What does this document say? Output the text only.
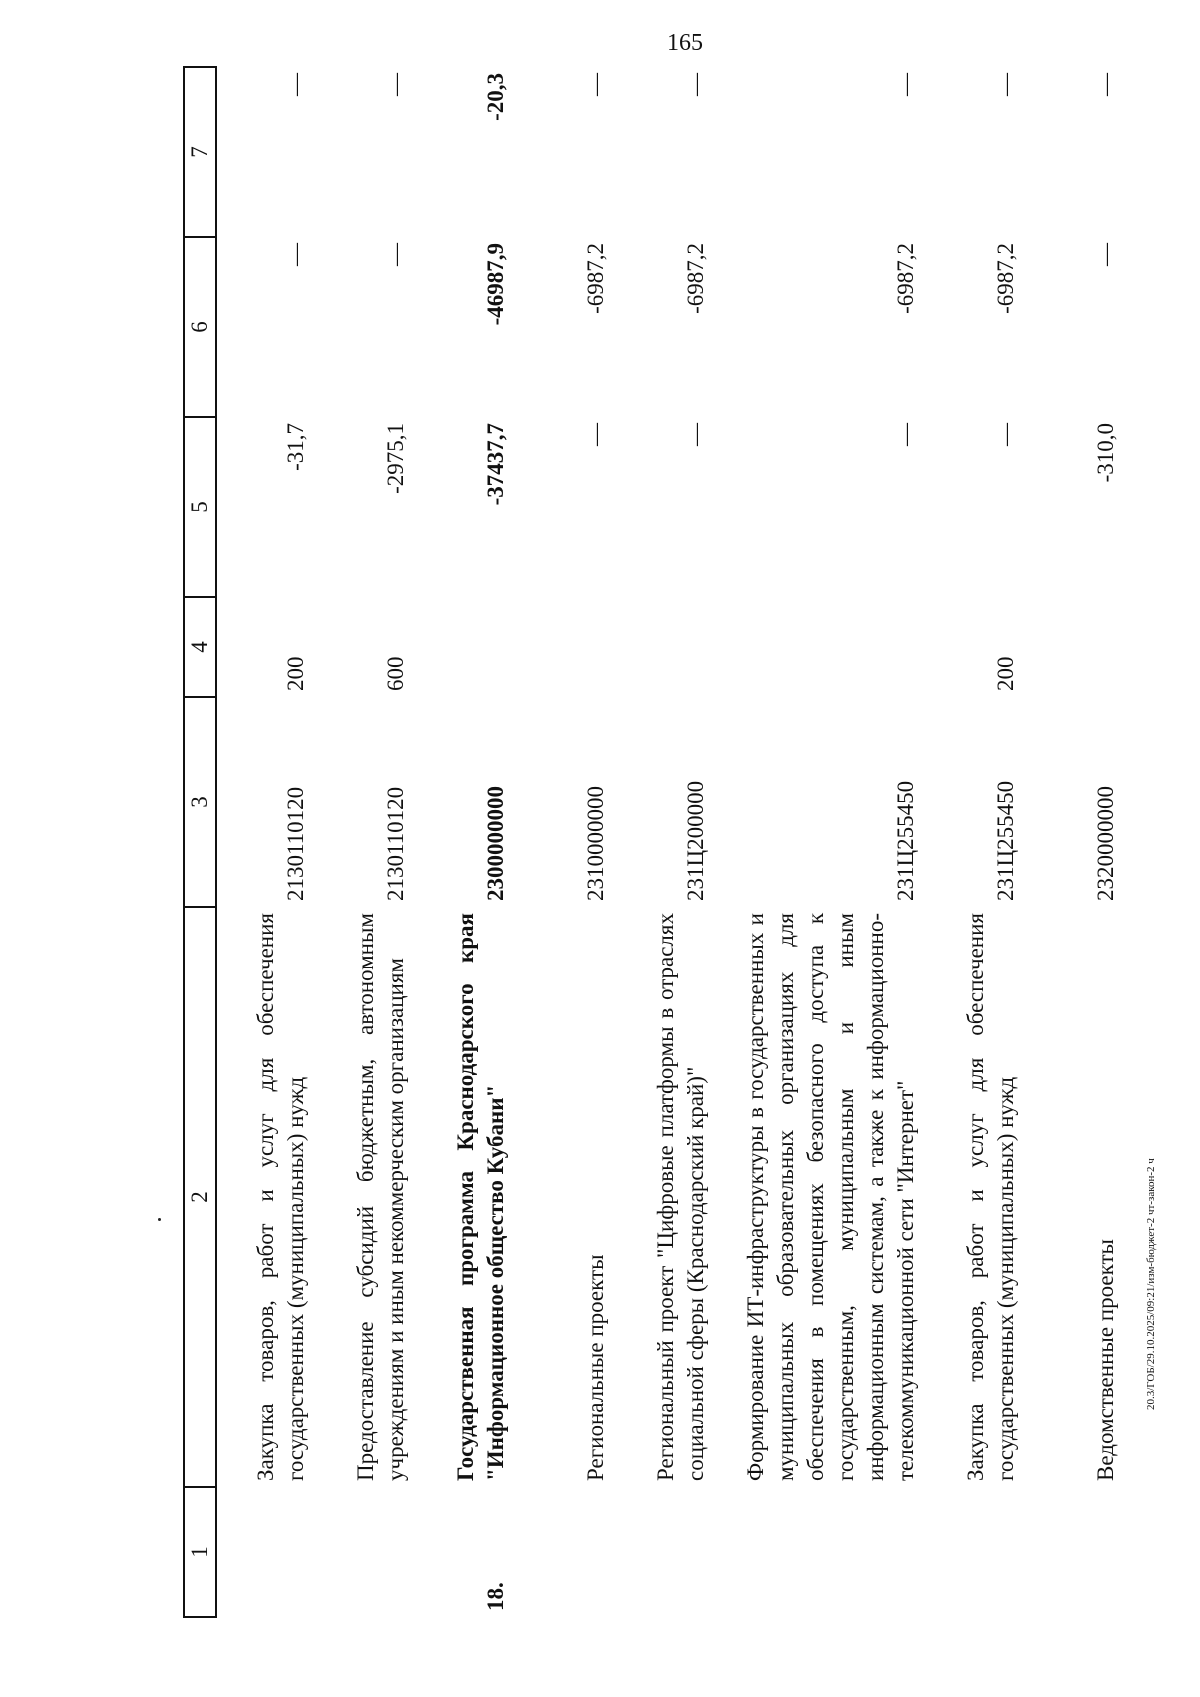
165
20.3/ГОБ/29.10.2025/09:21/изм-бюджет-2 чт-закон-2 ч
1	2	3	4	5	6	7
	Закупка товаров, работ и услуг для обеспечения государственных (муниципальных) нужд	2130110120	200	-31,7	—	—
	Предоставление субсидий бюджетным, автономным учреждениям и иным некоммерческим организациям	2130110120	600	-2975,1	—	—
18.	Государственная программа Краснодарского края "Информационное общество Кубани"	2300000000		-37437,7	-46987,9	-20,3
	Региональные проекты	2310000000		—	-6987,2	—
	Региональный проект "Цифровые платформы в отраслях социальной сферы (Краснодарский край)"	231Ц200000		—	-6987,2	—
	Формирование ИТ-инфраструктуры в государственных и муниципальных образовательных организациях для обеспечения в помещениях безопасного доступа к государственным, муниципальным и иным информационным системам, а также к информационно-телекоммуникационной сети "Интернет"	231Ц255450		—	-6987,2	—
	Закупка товаров, работ и услуг для обеспечения государственных (муниципальных) нужд	231Ц255450	200	—	-6987,2	—
	Ведомственные проекты	2320000000		-310,0	—	—
